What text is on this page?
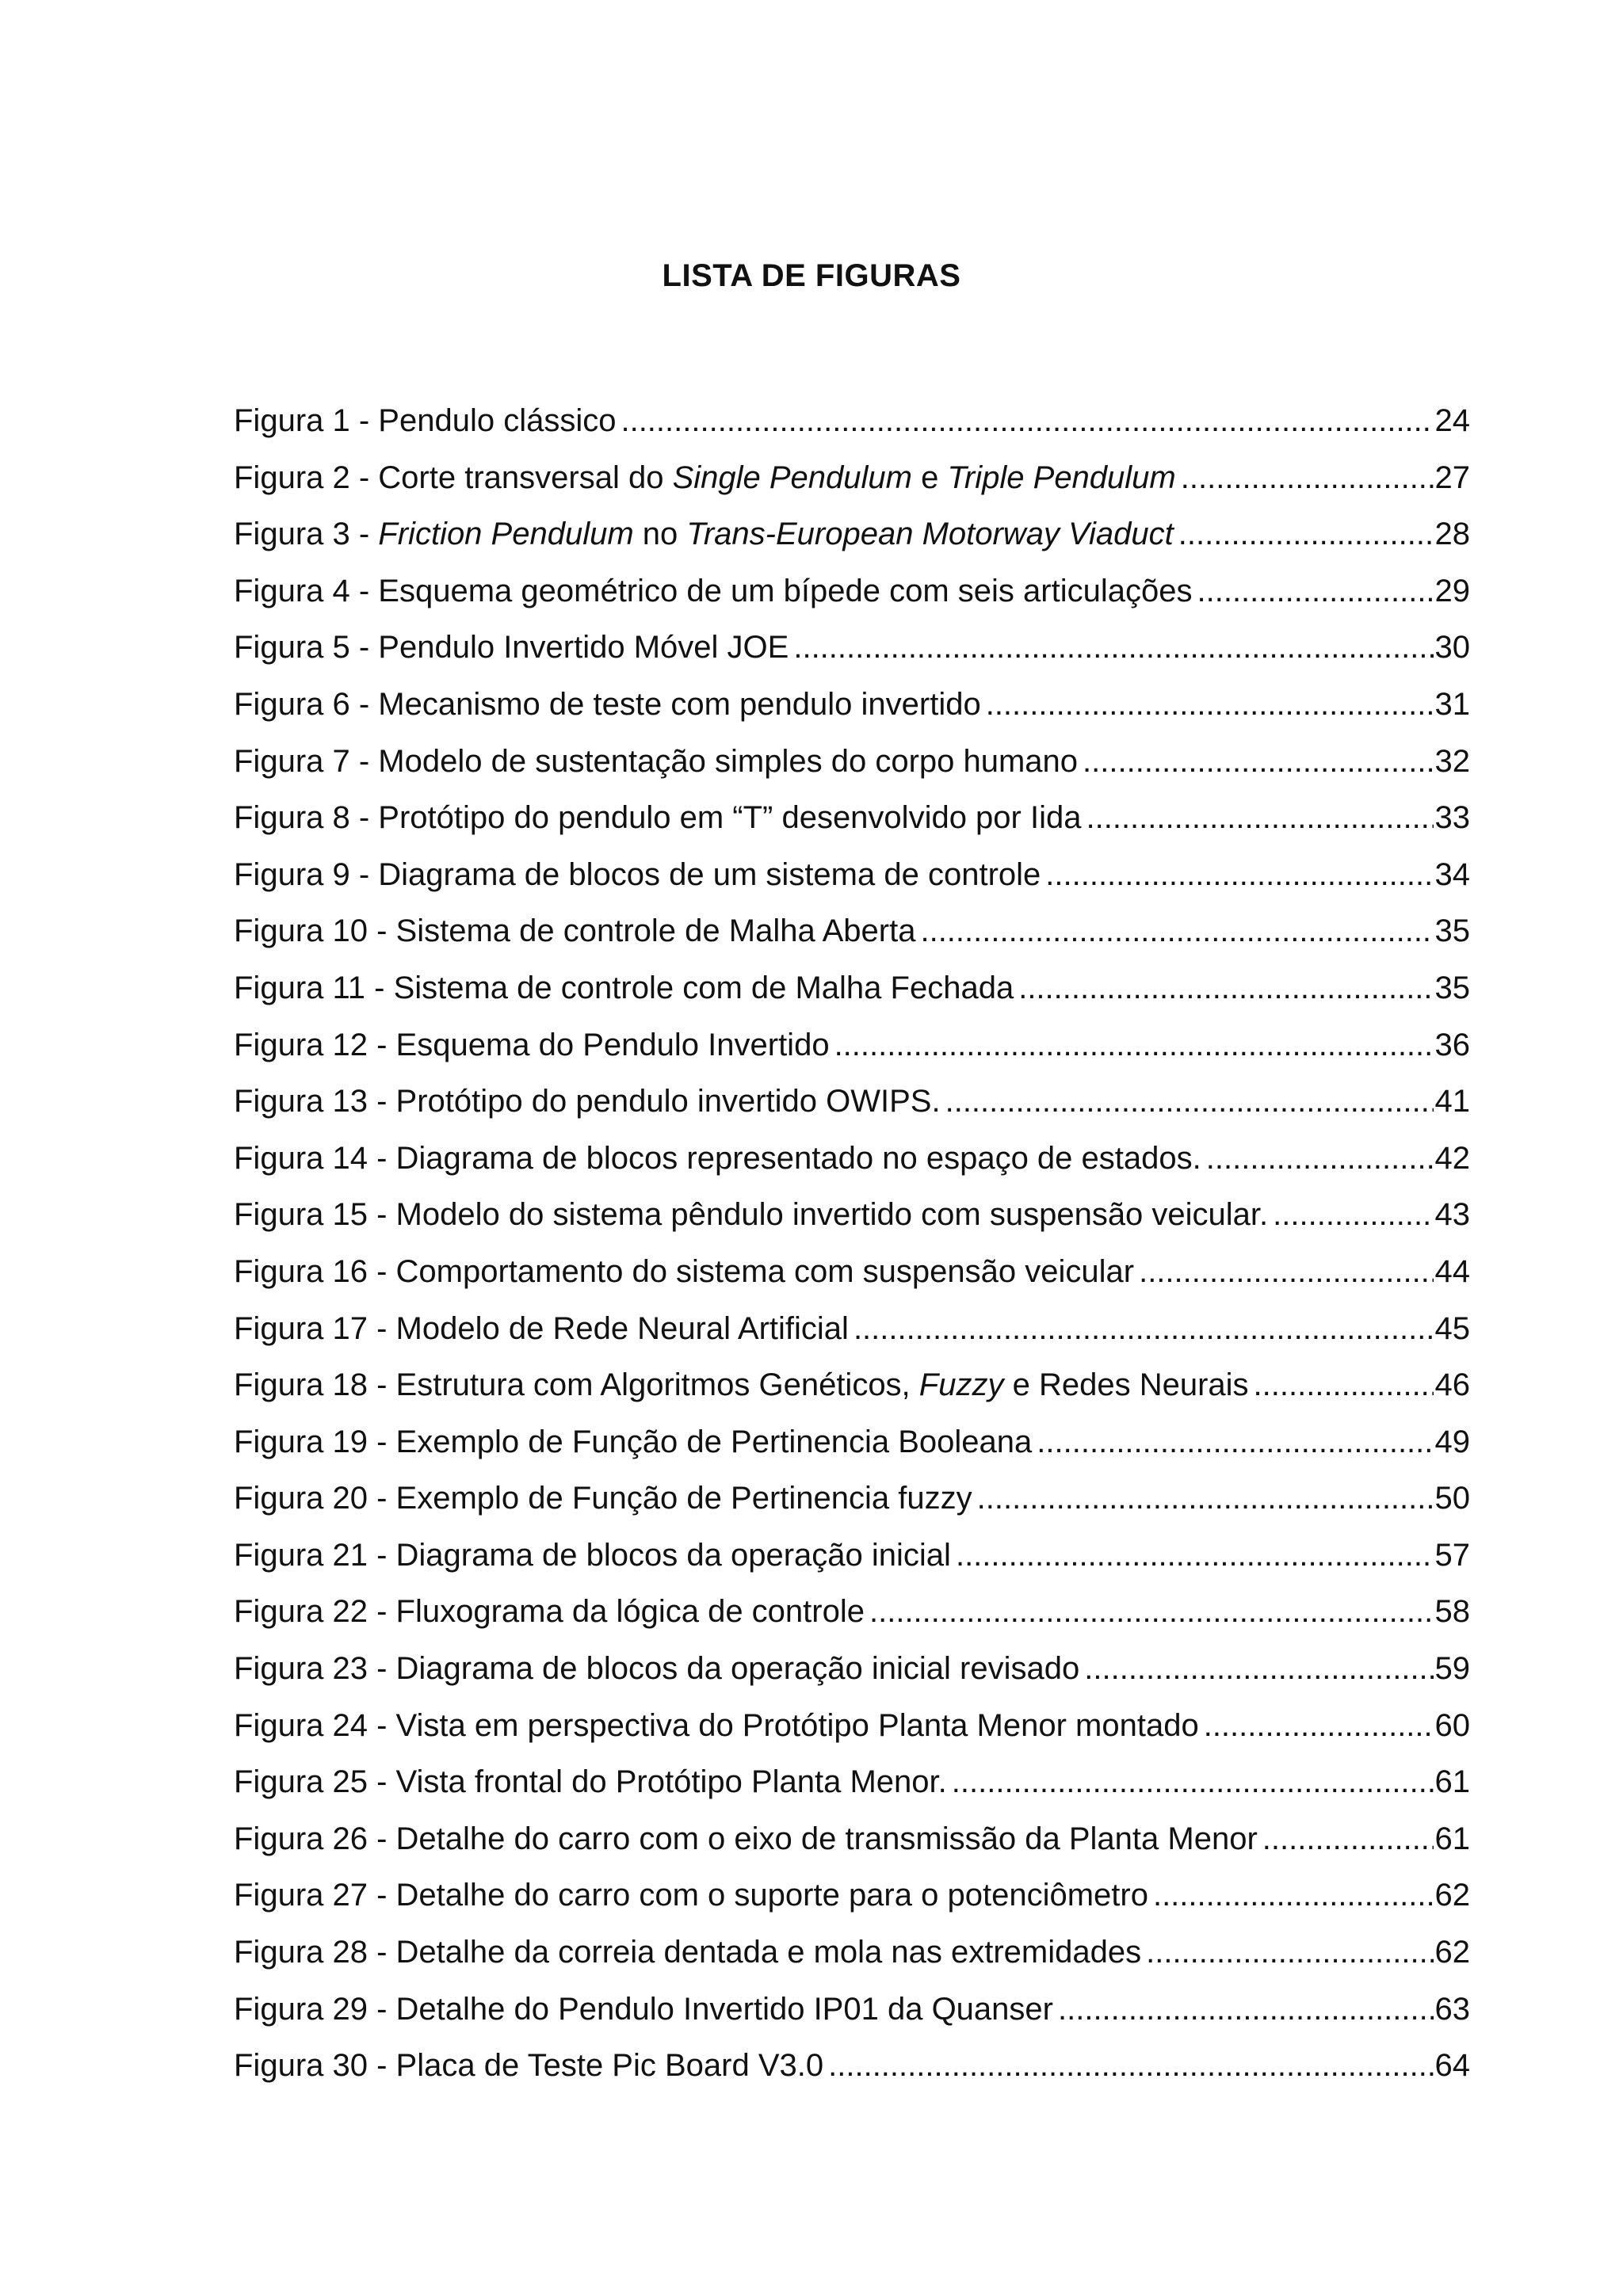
LISTA DE FIGURAS
Figura 1 - Pendulo clássico .....	24
Figura 2 - Corte transversal do Single Pendulum e Triple Pendulum .....	27
Figura 3 - Friction Pendulum no Trans-European Motorway Viaduct .....	28
Figura 4 - Esquema geométrico de um bípede com seis articulações .....	29
Figura 5 - Pendulo Invertido Móvel JOE .....	30
Figura 6 - Mecanismo de teste com pendulo invertido .....	31
Figura 7 - Modelo de sustentação simples do corpo humano .....	32
Figura 8 - Protótipo do pendulo em “T” desenvolvido por Iida .....	33
Figura 9 - Diagrama de blocos de um sistema de controle .....	34
Figura 10 - Sistema de controle de Malha Aberta .....	35
Figura 11 - Sistema de controle com de Malha Fechada .....	35
Figura 12 - Esquema do Pendulo Invertido .....	36
Figura 13 - Protótipo do pendulo invertido OWIPS. .....	41
Figura 14 - Diagrama de blocos representado no espaço de estados. .....	42
Figura 15 - Modelo do sistema pêndulo invertido com suspensão veicular. .....	43
Figura 16 - Comportamento do sistema com suspensão veicular .....	44
Figura 17 - Modelo de Rede Neural Artificial .....	45
Figura 18 - Estrutura com Algoritmos Genéticos, Fuzzy e Redes Neurais .....	46
Figura 19 - Exemplo de Função de Pertinencia Booleana .....	49
Figura 20 - Exemplo de Função de Pertinencia fuzzy .....	50
Figura 21 - Diagrama de blocos da operação inicial .....	57
Figura 22 - Fluxograma da lógica de controle .....	58
Figura 23 - Diagrama de blocos da operação inicial revisado .....	59
Figura 24 - Vista em perspectiva do Protótipo Planta Menor montado .....	60
Figura 25 - Vista frontal do Protótipo Planta Menor. .....	61
Figura 26 - Detalhe do carro com o eixo de transmissão da Planta Menor .....	61
Figura 27 - Detalhe do carro com o suporte para o potenciômetro .....	62
Figura 28 - Detalhe da correia dentada e mola nas extremidades .....	62
Figura 29 - Detalhe do Pendulo Invertido IP01 da Quanser .....	63
Figura 30 - Placa de Teste Pic Board V3.0 .....	64
